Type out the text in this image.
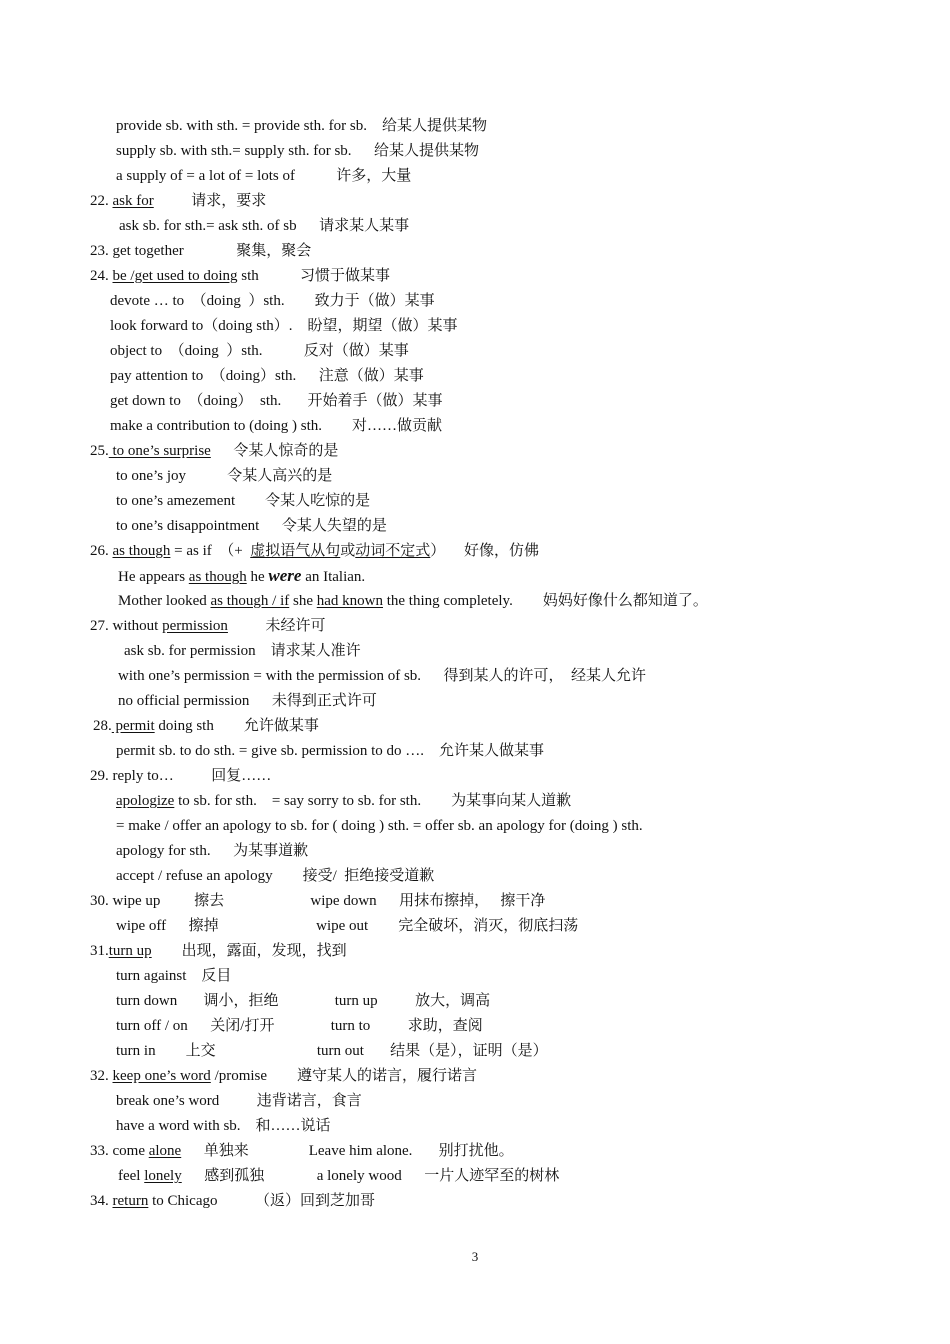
provide sb. with sth. = provide sth. for sb.    给某人提供某物
supply sb. with sth.= supply sth. for sb.      给某人提供某物
a supply of = a lot of = lots of           许多，大量
22. ask for          请求，要求
ask sb. for sth.= ask sth. of sb      请求某人某事
23. get together              聚集，聚会
24. be /get used to doing sth           习惯于做某事
devote … to  （doing  ）sth.        致力于（做）某事
look forward to（doing sth）.    盼望，期望（做）某事
object to  （doing  ）sth.           反对（做）某事
pay attention to  （doing）sth.      注意（做）某事
get down to  （doing）  sth.       开始着手（做）某事
make a contribution to (doing ) sth.        对……做贡献
25. to one’s surprise      令某人惊奇的是
to one’s joy           令某人高兴的是
to one’s amezement        令某人吃惊的是
to one’s disappointment      令某人失望的是
26. as though = as if  （+  虚拟语气从句或动词不定式）     好像，仿佛
He appears as though he were an Italian.
Mother looked as though / if she had known the thing completely.        妈妈好像什么都知道了。
27. without permission          未经许可
ask sb. for permission    请求某人准许
with one’s permission = with the permission of sb.      得到某人的许可，  经某人允许
no official permission      未得到正式许可
28. permit doing sth        允许做某事
permit sb. to do sth. = give sb. permission to do ….    允许某人做某事
29. reply to…          回复……
apologize to sb. for sth.    = say sorry to sb. for sth.        为某事向某人道歉
= make / offer an apology to sb. for ( doing ) sth. = offer sb. an apology for (doing ) sth.
apology for sth.      为某事道歉
accept / refuse an apology        接受/  拒绝接受道歉
30. wipe up         擦去                       wipe down      用抹布擦掉，   擦干净
wipe off      擦掉                          wipe out        完全破坏，消灭，彻底扫荡
31.turn up        出现，露面，发现，找到
turn against    反目
turn down       调小，拒绝               turn up          放大，调高
turn off / on      关闭/打开               turn to          求助，查阅
turn in        上交                           turn out       结果（是），证明（是）
32. keep one’s word /promise        遵守某人的诺言，履行诺言
break one’s word          违背诺言，食言
have a word with sb.    和……说话
33. come alone      单独来                Leave him alone.       别打扰他。
feel lonely      感到孤独              a lonely wood      一片人迹罕至的树林
34. return to Chicago          （返）回到芝加哥
3
